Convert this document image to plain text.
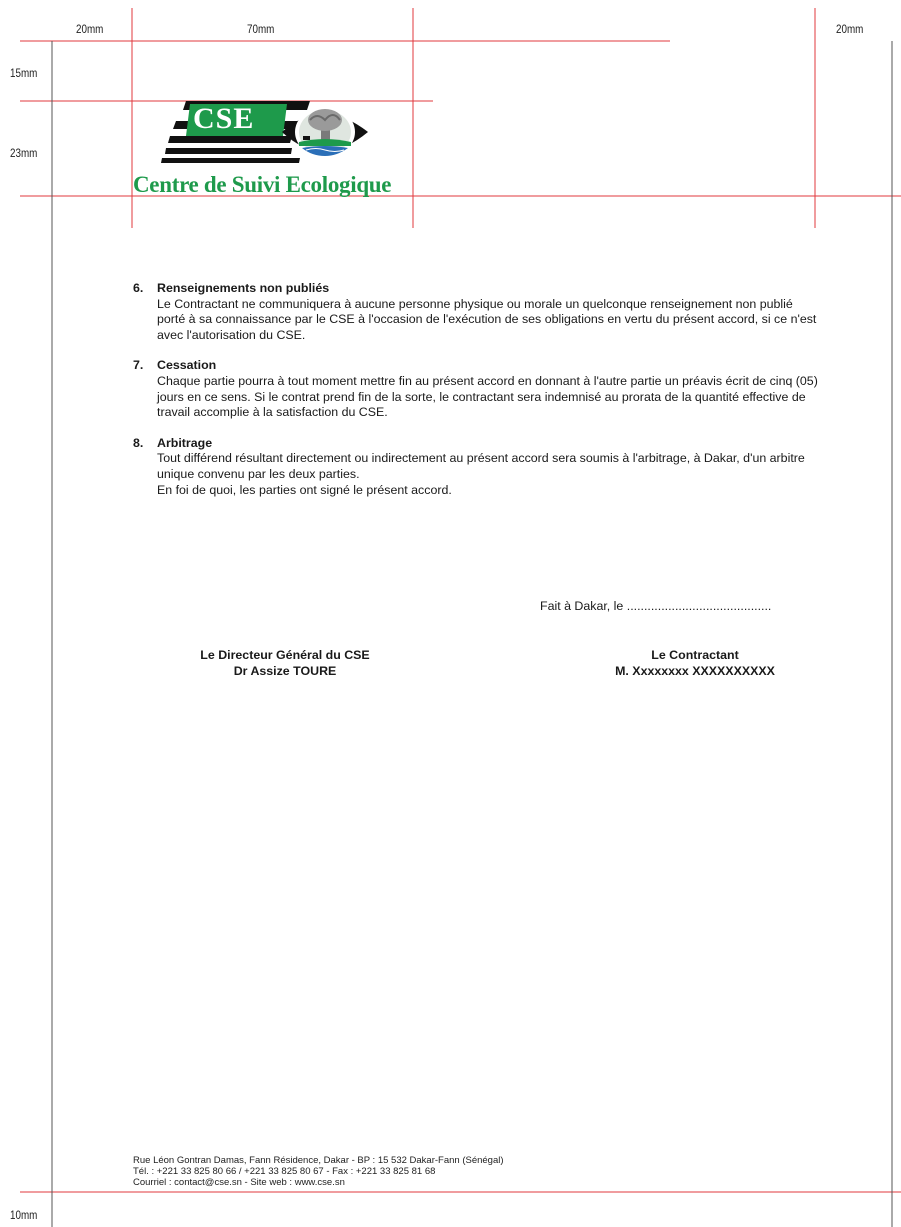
20mm	70mm	20mm
15mm
23mm
10mm
CSE
Centre de Suivi Ecologique
6.	Renseignements non publiés

Le Contractant ne communiquera à aucune personne physique ou morale un quelconque renseignement non publié porté à sa connaissance par le CSE à l'occasion de l'exécution de ses obligations en vertu du présent accord, si ce n'est avec l'autorisation du CSE.

7.	Cessation

Chaque partie pourra à tout moment mettre fin au présent accord en donnant à l'autre partie un préavis écrit de cinq (05) jours en ce sens. Si le contrat prend fin de la sorte, le contractant sera indemnisé au prorata de la quantité effective de travail accomplie à la satisfaction du CSE.

8.	Arbitrage

Tout différend résultant directement ou indirectement au présent accord sera soumis à l'arbitrage, à Dakar, d'un arbitre unique convenu par les deux parties.

En foi de quoi, les parties ont signé le présent accord.

Fait à Dakar, le ..........................................
Le Directeur Général du CSE
Dr Assize TOURE
Le Contractant
M. Xxxxxxxx XXXXXXXXXX
Rue Léon Gontran Damas, Fann Résidence, Dakar - BP : 15 532 Dakar-Fann (Sénégal)
Tél. : +221 33 825 80 66 / +221 33 825 80 67 - Fax : +221 33 825 81 68
Courriel : contact@cse.sn - Site web : www.cse.sn
